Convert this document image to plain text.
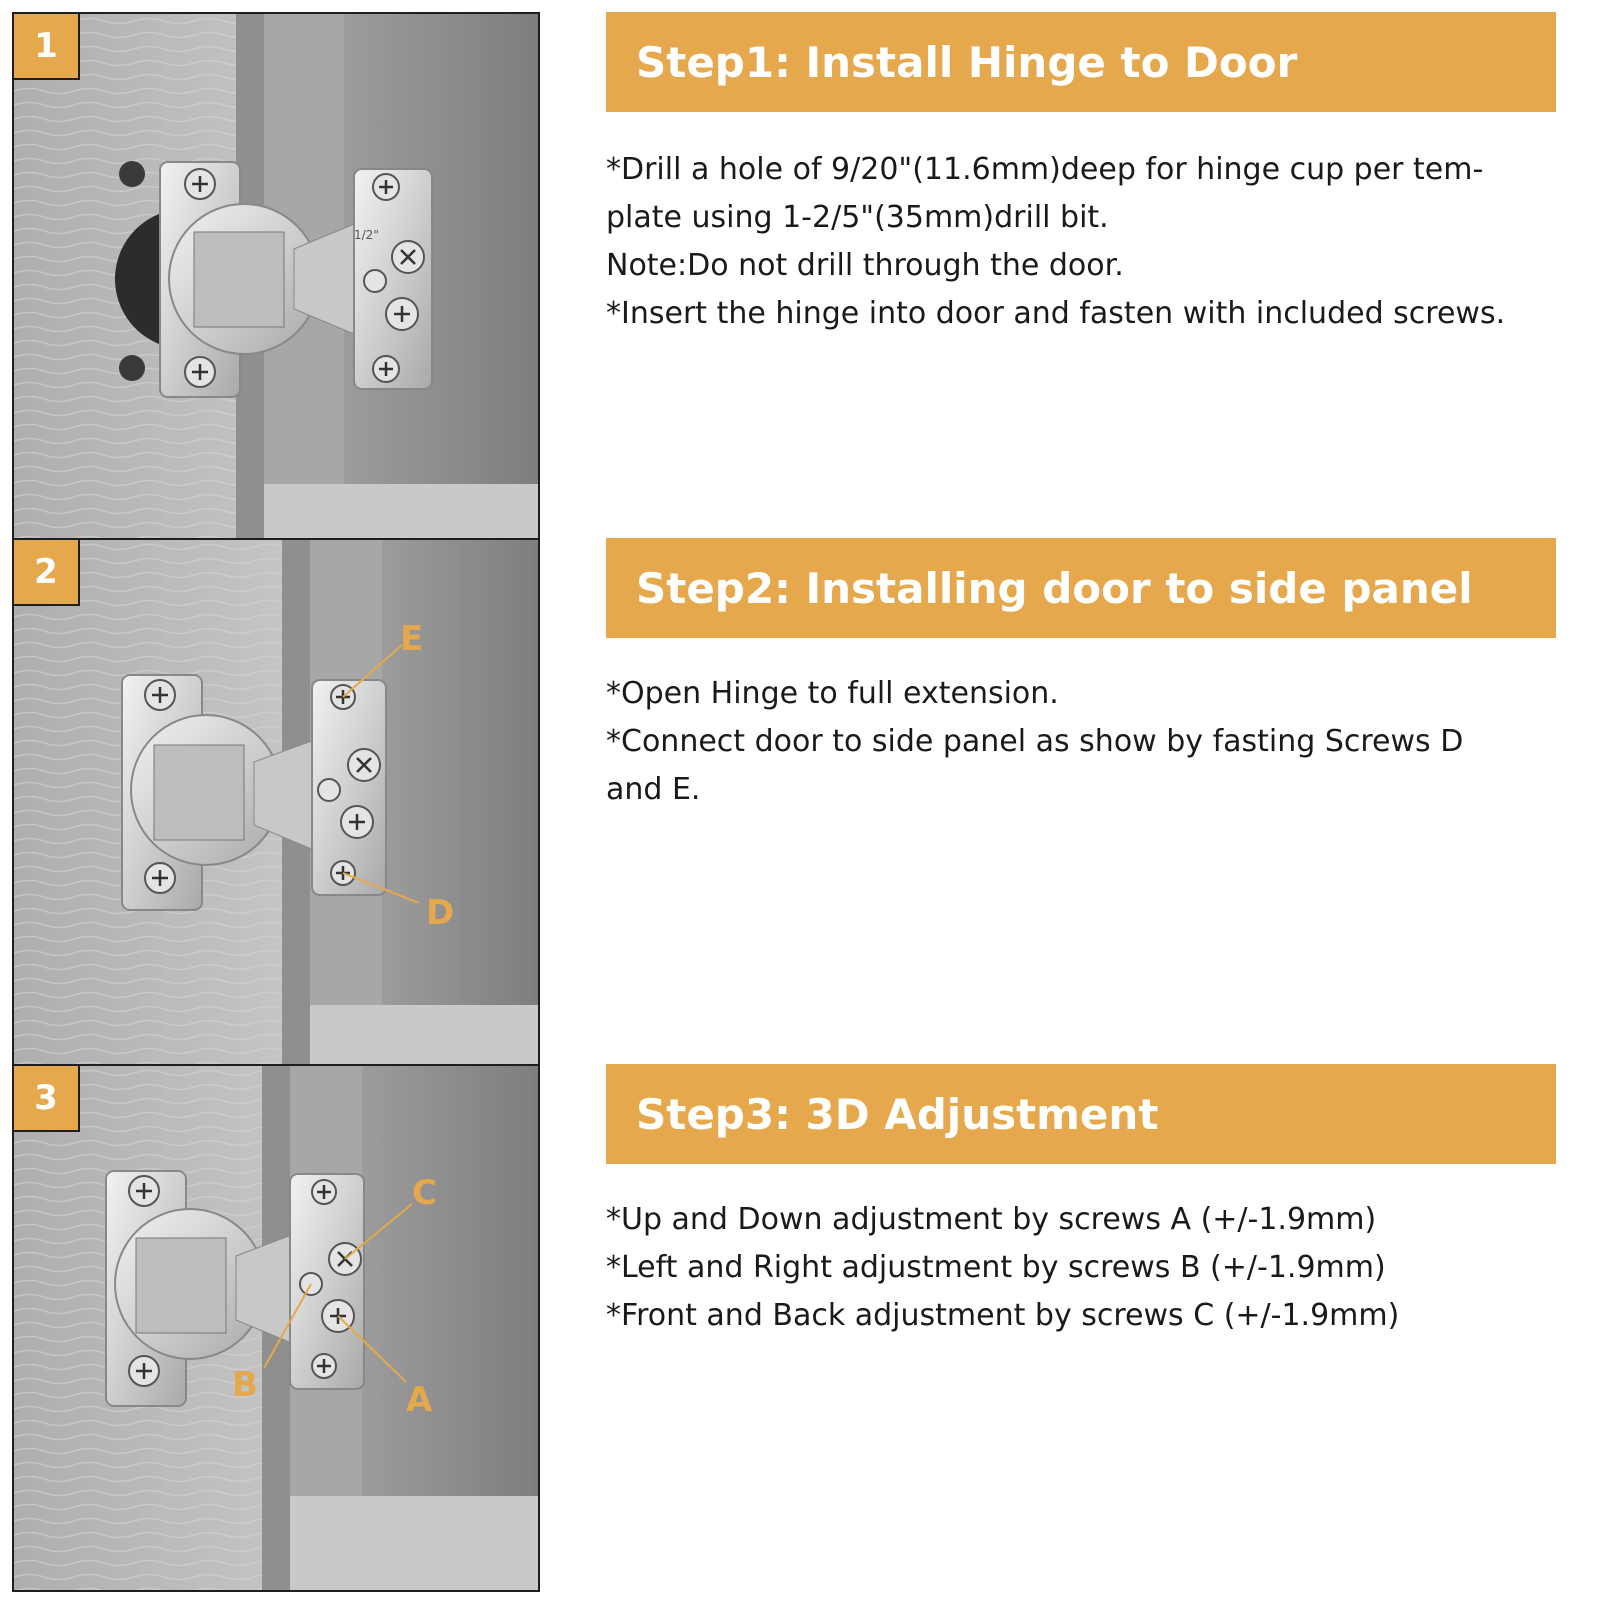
1/2"
1
E
D
2
C
B	A
3
Step1: Install Hinge to Door
Step2: Installing door to side panel
Step3: 3D Adjustment
*Drill a hole of 9/20"(11.6mm)deep for hinge cup per tem-
plate using 1-2/5"(35mm)drill bit.
Note:Do not drill through the door.
*Insert the hinge into door and fasten with included screws.
*Open Hinge to full extension.
*Connect door to side panel as show by fasting Screws D
and E.
*Up and Down adjustment by screws A (+/-1.9mm)
*Left and Right adjustment by screws B (+/-1.9mm)
*Front and Back adjustment by screws C (+/-1.9mm)
